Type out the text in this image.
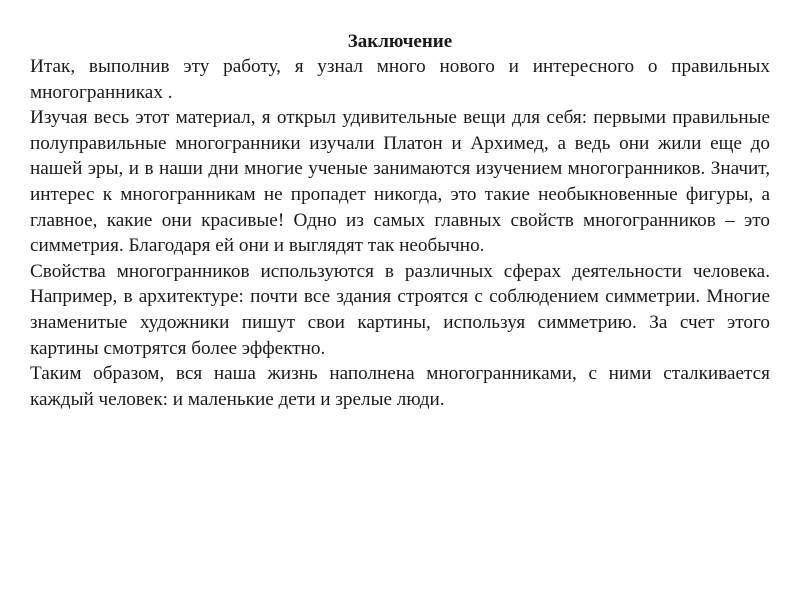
Заключение

Итак, выполнив эту работу, я узнал много нового и интересного о правильных многогранниках .

Изучая весь этот материал, я открыл удивительные вещи для себя: первыми правильные полуправильные многогранники изучали Платон и Архимед, а ведь они жили еще до нашей эры, и в наши дни многие ученые занимаются изучением многогранников. Значит, интерес к многогранникам не пропадет никогда, это такие необыкновенные фигуры, а главное, какие они красивые! Одно из самых главных свойств многогранников – это симметрия. Благодаря ей они и выглядят так необычно.

Свойства многогранников используются в различных сферах деятельности человека. Например, в архитектуре: почти все здания строятся с соблюдением симметрии. Многие знаменитые художники пишут свои картины, используя симметрию. За счет этого картины смотрятся более эффектно.

Таким образом, вся наша жизнь наполнена многогранниками, с ними сталкивается каждый человек: и маленькие дети и зрелые люди.
